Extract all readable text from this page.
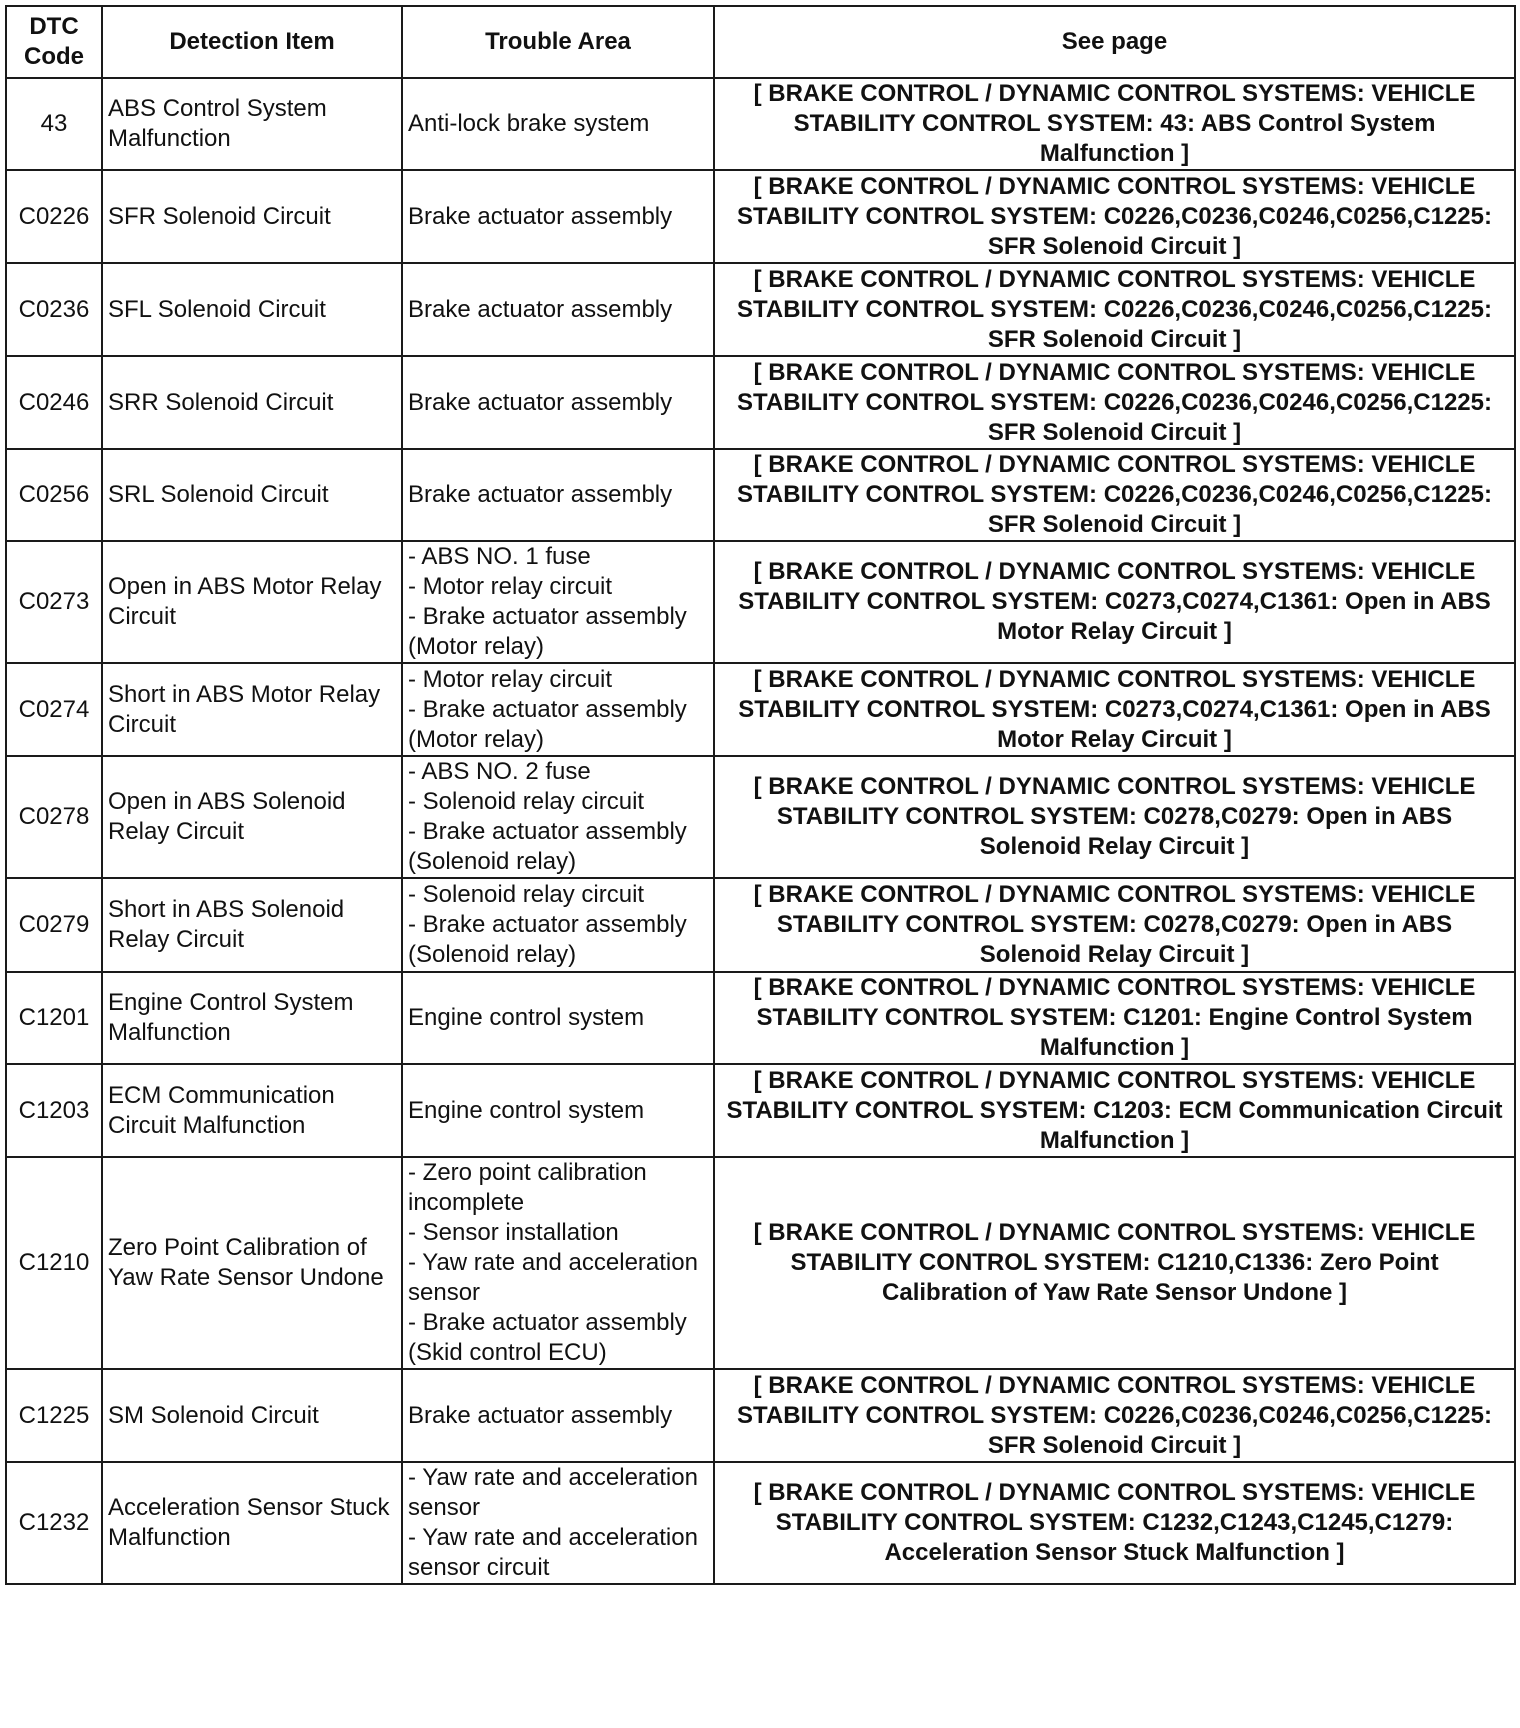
DTC Code	Detection Item	Trouble Area	See page
43	ABS Control System Malfunction	Anti-lock brake system	[ BRAKE CONTROL / DYNAMIC CONTROL SYSTEMS: VEHICLE STABILITY CONTROL SYSTEM: 43: ABS Control System Malfunction ]
C0226	SFR Solenoid Circuit	Brake actuator assembly	[ BRAKE CONTROL / DYNAMIC CONTROL SYSTEMS: VEHICLE STABILITY CONTROL SYSTEM: C0226,C0236,C0246,C0256,C1225: SFR Solenoid Circuit ]
C0236	SFL Solenoid Circuit	Brake actuator assembly	[ BRAKE CONTROL / DYNAMIC CONTROL SYSTEMS: VEHICLE STABILITY CONTROL SYSTEM: C0226,C0236,C0246,C0256,C1225: SFR Solenoid Circuit ]
C0246	SRR Solenoid Circuit	Brake actuator assembly	[ BRAKE CONTROL / DYNAMIC CONTROL SYSTEMS: VEHICLE STABILITY CONTROL SYSTEM: C0226,C0236,C0246,C0256,C1225: SFR Solenoid Circuit ]
C0256	SRL Solenoid Circuit	Brake actuator assembly	[ BRAKE CONTROL / DYNAMIC CONTROL SYSTEMS: VEHICLE STABILITY CONTROL SYSTEM: C0226,C0236,C0246,C0256,C1225: SFR Solenoid Circuit ]
C0273	Open in ABS Motor Relay Circuit	- ABS NO. 1 fuse
- Motor relay circuit
- Brake actuator assembly (Motor relay)	[ BRAKE CONTROL / DYNAMIC CONTROL SYSTEMS: VEHICLE STABILITY CONTROL SYSTEM: C0273,C0274,C1361: Open in ABS Motor Relay Circuit ]
C0274	Short in ABS Motor Relay Circuit	- Motor relay circuit
- Brake actuator assembly (Motor relay)	[ BRAKE CONTROL / DYNAMIC CONTROL SYSTEMS: VEHICLE STABILITY CONTROL SYSTEM: C0273,C0274,C1361: Open in ABS Motor Relay Circuit ]
C0278	Open in ABS Solenoid Relay Circuit	- ABS NO. 2 fuse
- Solenoid relay circuit
- Brake actuator assembly (Solenoid relay)	[ BRAKE CONTROL / DYNAMIC CONTROL SYSTEMS: VEHICLE STABILITY CONTROL SYSTEM: C0278,C0279: Open in ABS Solenoid Relay Circuit ]
C0279	Short in ABS Solenoid Relay Circuit	- Solenoid relay circuit
- Brake actuator assembly (Solenoid relay)	[ BRAKE CONTROL / DYNAMIC CONTROL SYSTEMS: VEHICLE STABILITY CONTROL SYSTEM: C0278,C0279: Open in ABS Solenoid Relay Circuit ]
C1201	Engine Control System Malfunction	Engine control system	[ BRAKE CONTROL / DYNAMIC CONTROL SYSTEMS: VEHICLE STABILITY CONTROL SYSTEM: C1201: Engine Control System Malfunction ]
C1203	ECM Communication Circuit Malfunction	Engine control system	[ BRAKE CONTROL / DYNAMIC CONTROL SYSTEMS: VEHICLE STABILITY CONTROL SYSTEM: C1203: ECM Communication Circuit Malfunction ]
C1210	Zero Point Calibration of Yaw Rate Sensor Undone	- Zero point calibration incomplete
- Sensor installation
- Yaw rate and acceleration sensor
- Brake actuator assembly (Skid control ECU)	[ BRAKE CONTROL / DYNAMIC CONTROL SYSTEMS: VEHICLE STABILITY CONTROL SYSTEM: C1210,C1336: Zero Point Calibration of Yaw Rate Sensor Undone ]
C1225	SM Solenoid Circuit	Brake actuator assembly	[ BRAKE CONTROL / DYNAMIC CONTROL SYSTEMS: VEHICLE STABILITY CONTROL SYSTEM: C0226,C0236,C0246,C0256,C1225: SFR Solenoid Circuit ]
C1232	Acceleration Sensor Stuck Malfunction	- Yaw rate and acceleration sensor
- Yaw rate and acceleration sensor circuit	[ BRAKE CONTROL / DYNAMIC CONTROL SYSTEMS: VEHICLE STABILITY CONTROL SYSTEM: C1232,C1243,C1245,C1279: Acceleration Sensor Stuck Malfunction ]
